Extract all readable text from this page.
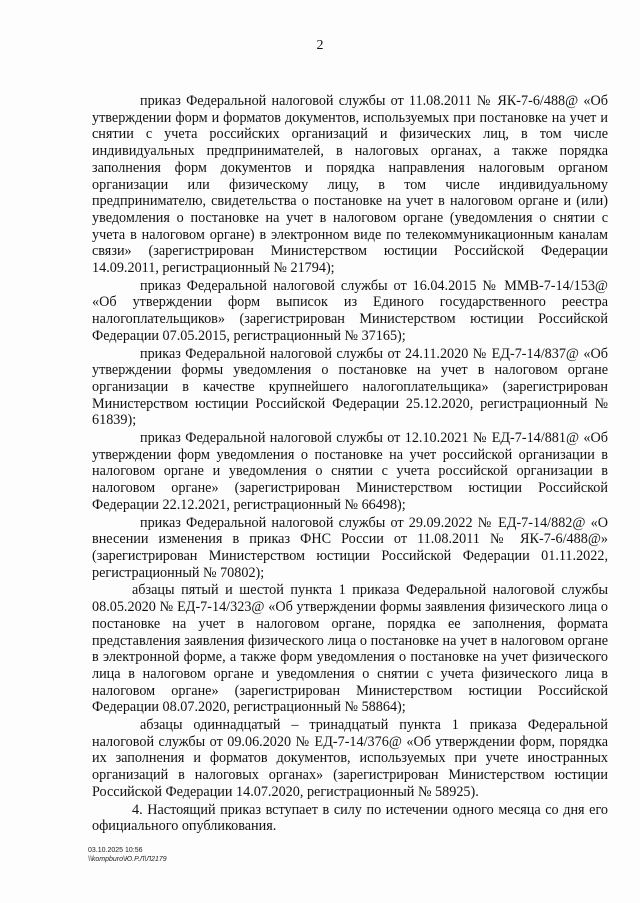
2

приказ Федеральной налоговой службы от 11.08.2011 № ЯК-7-6/488@ «Об утверждении форм и форматов документов, используемых при постановке на учет и снятии с учета российских организаций и физических лиц, в том числе индивидуальных предпринимателей, в налоговых органах, а также порядка заполнения форм документов и порядка направления налоговым органом организации или физическому лицу, в том числе индивидуальному предпринимателю, свидетельства о постановке на учет в налоговом органе и (или) уведомления о постановке на учет в налоговом органе (уведомления о снятии с учета в налоговом органе) в электронном виде по телекоммуникационным каналам связи» (зарегистрирован Министерством юстиции Российской Федерации 14.09.2011, регистрационный № 21794);

приказ Федеральной налоговой службы от 16.04.2015 № ММВ-7-14/153@ «Об утверждении форм выписок из Единого государственного реестра налогоплательщиков» (зарегистрирован Министерством юстиции Российской Федерации 07.05.2015, регистрационный № 37165);

приказ Федеральной налоговой службы от 24.11.2020 № ЕД-7-14/837@ «Об утверждении формы уведомления о постановке на учет в налоговом органе организации в качестве крупнейшего налогоплательщика» (зарегистрирован Министерством юстиции Российской Федерации 25.12.2020, регистрационный № 61839);

приказ Федеральной налоговой службы от 12.10.2021 № ЕД-7-14/881@ «Об утверждении форм уведомления о постановке на учет российской организации в налоговом органе и уведомления о снятии с учета российской организации в налоговом органе» (зарегистрирован Министерством юстиции Российской Федерации 22.12.2021, регистрационный № 66498);

приказ Федеральной налоговой службы от 29.09.2022 № ЕД-7-14/882@ «О внесении изменения в приказ ФНС России от 11.08.2011 № ЯК-7-6/488@» (зарегистрирован Министерством юстиции Российской Федерации 01.11.2022, регистрационный № 70802);

абзацы пятый и шестой пункта 1 приказа Федеральной налоговой службы 08.05.2020 № ЕД-7-14/323@ «Об утверждении формы заявления физического лица о постановке на учет в налоговом органе, порядка ее заполнения, формата представления заявления физического лица о постановке на учет в налоговом органе в электронной форме, а также форм уведомления о постановке на учет физического лица в налоговом органе и уведомления о снятии с учета физического лица в налоговом органе» (зарегистрирован Министерством юстиции Российской Федерации 08.07.2020, регистрационный № 58864);

абзацы одиннадцатый – тринадцатый пункта 1 приказа Федеральной налоговой службы от 09.06.2020 № ЕД-7-14/376@ «Об утверждении форм, порядка их заполнения и форматов документов, используемых при учете иностранных организаций в налоговых органах» (зарегистрирован Министерством юстиции Российской Федерации 14.07.2020, регистрационный № 58925).

4. Настоящий приказ вступает в силу по истечении одного месяца со дня его официального опубликования.

03.10.2025 10:56
\\kompburo\Ю.Р.Л\Л2179
